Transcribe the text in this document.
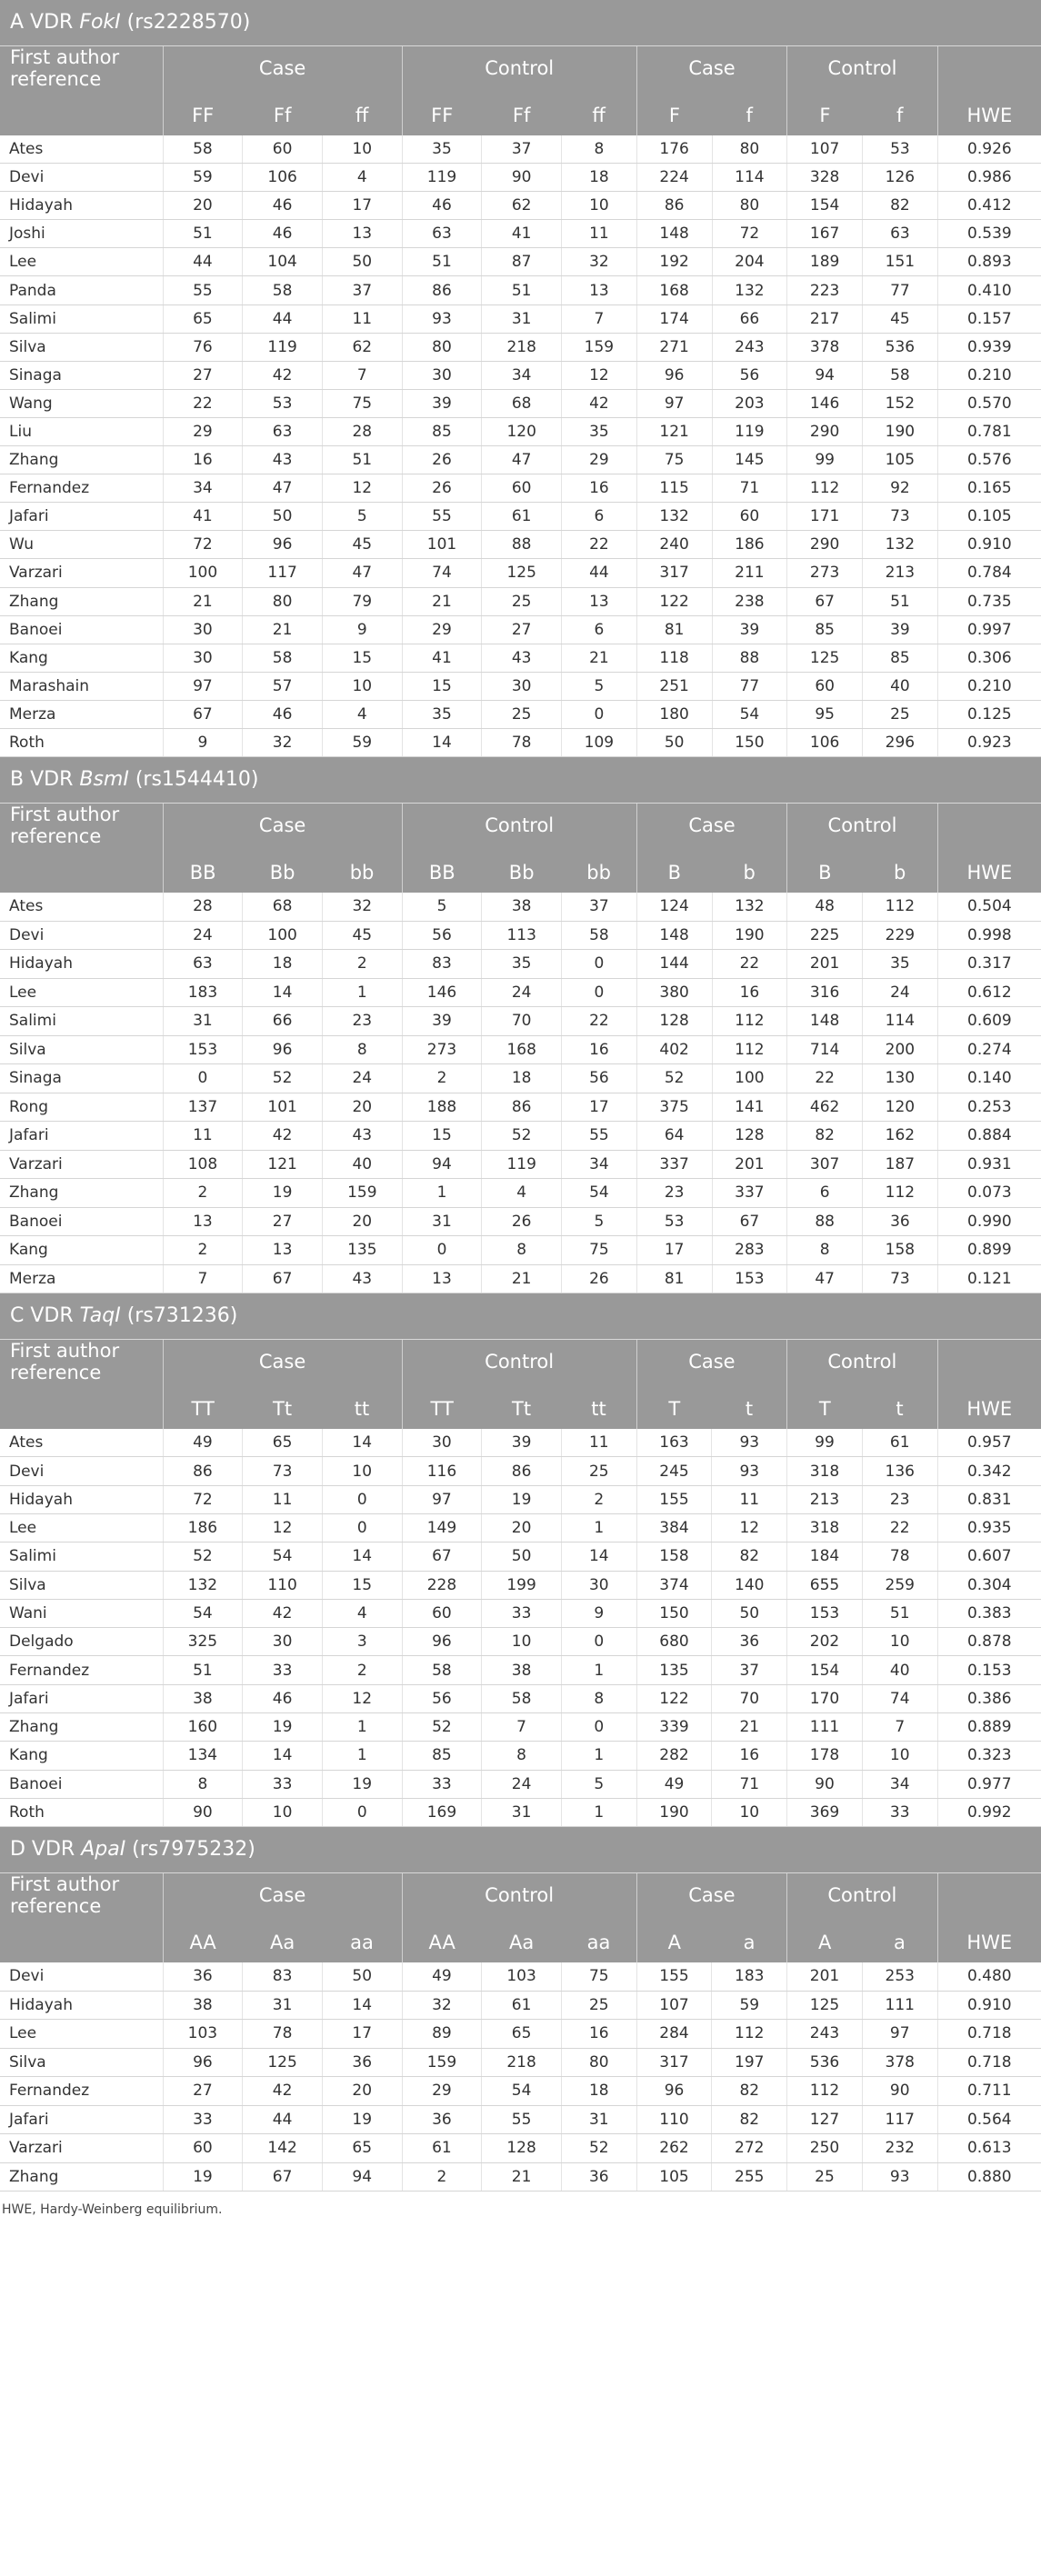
A VDR FokI (rs2228570)											
First author reference	Case			Control			Case		Control		
	FF	Ff	ff	FF	Ff	ff	F	f	F	f	HWE
Ates	58	60	10	35	37	8	176	80	107	53	0.926
Devi	59	106	4	119	90	18	224	114	328	126	0.986
Hidayah	20	46	17	46	62	10	86	80	154	82	0.412
Joshi	51	46	13	63	41	11	148	72	167	63	0.539
Lee	44	104	50	51	87	32	192	204	189	151	0.893
Panda	55	58	37	86	51	13	168	132	223	77	0.410
Salimi	65	44	11	93	31	7	174	66	217	45	0.157
Silva	76	119	62	80	218	159	271	243	378	536	0.939
Sinaga	27	42	7	30	34	12	96	56	94	58	0.210
Wang	22	53	75	39	68	42	97	203	146	152	0.570
Liu	29	63	28	85	120	35	121	119	290	190	0.781
Zhang	16	43	51	26	47	29	75	145	99	105	0.576
Fernandez	34	47	12	26	60	16	115	71	112	92	0.165
Jafari	41	50	5	55	61	6	132	60	171	73	0.105
Wu	72	96	45	101	88	22	240	186	290	132	0.910
Varzari	100	117	47	74	125	44	317	211	273	213	0.784
Zhang	21	80	79	21	25	13	122	238	67	51	0.735
Banoei	30	21	9	29	27	6	81	39	85	39	0.997
Kang	30	58	15	41	43	21	118	88	125	85	0.306
Marashain	97	57	10	15	30	5	251	77	60	40	0.210
Merza	67	46	4	35	25	0	180	54	95	25	0.125
Roth	9	32	59	14	78	109	50	150	106	296	0.923
B VDR BsmI (rs1544410)											
First author reference	Case			Control			Case		Control		
	BB	Bb	bb	BB	Bb	bb	B	b	B	b	HWE
Ates	28	68	32	5	38	37	124	132	48	112	0.504
Devi	24	100	45	56	113	58	148	190	225	229	0.998
Hidayah	63	18	2	83	35	0	144	22	201	35	0.317
Lee	183	14	1	146	24	0	380	16	316	24	0.612
Salimi	31	66	23	39	70	22	128	112	148	114	0.609
Silva	153	96	8	273	168	16	402	112	714	200	0.274
Sinaga	0	52	24	2	18	56	52	100	22	130	0.140
Rong	137	101	20	188	86	17	375	141	462	120	0.253
Jafari	11	42	43	15	52	55	64	128	82	162	0.884
Varzari	108	121	40	94	119	34	337	201	307	187	0.931
Zhang	2	19	159	1	4	54	23	337	6	112	0.073
Banoei	13	27	20	31	26	5	53	67	88	36	0.990
Kang	2	13	135	0	8	75	17	283	8	158	0.899
Merza	7	67	43	13	21	26	81	153	47	73	0.121
C VDR TaqI (rs731236)											
First author reference	Case			Control			Case		Control		
	TT	Tt	tt	TT	Tt	tt	T	t	T	t	HWE
Ates	49	65	14	30	39	11	163	93	99	61	0.957
Devi	86	73	10	116	86	25	245	93	318	136	0.342
Hidayah	72	11	0	97	19	2	155	11	213	23	0.831
Lee	186	12	0	149	20	1	384	12	318	22	0.935
Salimi	52	54	14	67	50	14	158	82	184	78	0.607
Silva	132	110	15	228	199	30	374	140	655	259	0.304
Wani	54	42	4	60	33	9	150	50	153	51	0.383
Delgado	325	30	3	96	10	0	680	36	202	10	0.878
Fernandez	51	33	2	58	38	1	135	37	154	40	0.153
Jafari	38	46	12	56	58	8	122	70	170	74	0.386
Zhang	160	19	1	52	7	0	339	21	111	7	0.889
Kang	134	14	1	85	8	1	282	16	178	10	0.323
Banoei	8	33	19	33	24	5	49	71	90	34	0.977
Roth	90	10	0	169	31	1	190	10	369	33	0.992
D VDR ApaI (rs7975232)											
First author reference	Case			Control			Case		Control		
	AA	Aa	aa	AA	Aa	aa	A	a	A	a	HWE
Devi	36	83	50	49	103	75	155	183	201	253	0.480
Hidayah	38	31	14	32	61	25	107	59	125	111	0.910
Lee	103	78	17	89	65	16	284	112	243	97	0.718
Silva	96	125	36	159	218	80	317	197	536	378	0.718
Fernandez	27	42	20	29	54	18	96	82	112	90	0.711
Jafari	33	44	19	36	55	31	110	82	127	117	0.564
Varzari	60	142	65	61	128	52	262	272	250	232	0.613
Zhang	19	67	94	2	21	36	105	255	25	93	0.880
HWE, Hardy-Weinberg equilibrium.
